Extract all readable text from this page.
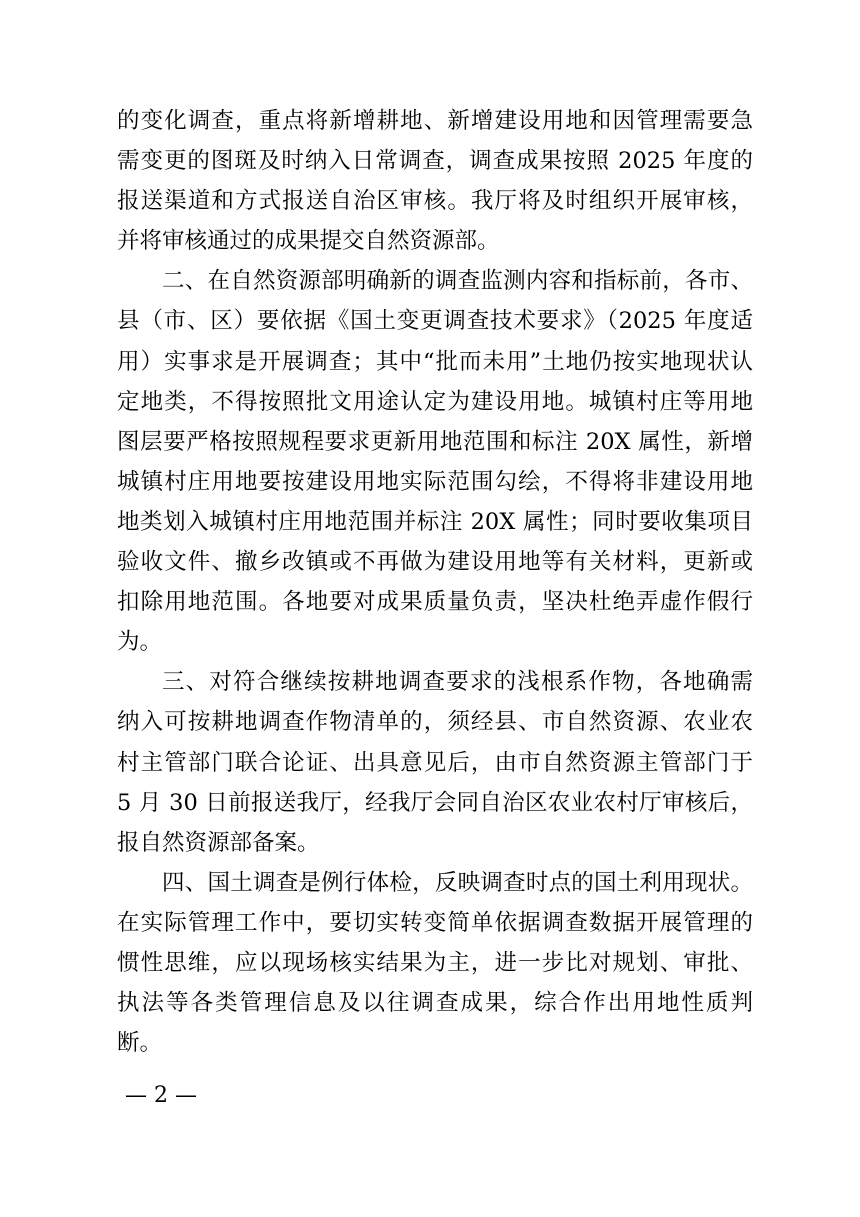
的变化调查，重点将新增耕地、新增建设用地和因管理需要急
需变更的图斑及时纳入日常调查，调查成果按照 2025 年度的
报送渠道和方式报送自治区审核。我厅将及时组织开展审核，
并将审核通过的成果提交自然资源部。
二、在自然资源部明确新的调查监测内容和指标前，各市、
县（市、区）要依据《国土变更调查技术要求》（2025 年度适
用）实事求是开展调查；其中“批而未用”土地仍按实地现状认
定地类，不得按照批文用途认定为建设用地。城镇村庄等用地
图层要严格按照规程要求更新用地范围和标注 20X 属性，新增
城镇村庄用地要按建设用地实际范围勾绘，不得将非建设用地
地类划入城镇村庄用地范围并标注 20X 属性；同时要收集项目
验收文件、撤乡改镇或不再做为建设用地等有关材料，更新或
扣除用地范围。各地要对成果质量负责，坚决杜绝弄虚作假行
为。
三、对符合继续按耕地调查要求的浅根系作物，各地确需
纳入可按耕地调查作物清单的，须经县、市自然资源、农业农
村主管部门联合论证、出具意见后，由市自然资源主管部门于
5 月 30 日前报送我厅，经我厅会同自治区农业农村厅审核后，
报自然资源部备案。
四、国土调查是例行体检，反映调查时点的国土利用现状。
在实际管理工作中，要切实转变简单依据调查数据开展管理的
惯性思维，应以现场核实结果为主，进一步比对规划、审批、
执法等各类管理信息及以往调查成果，综合作出用地性质判
断。
— 2 —
